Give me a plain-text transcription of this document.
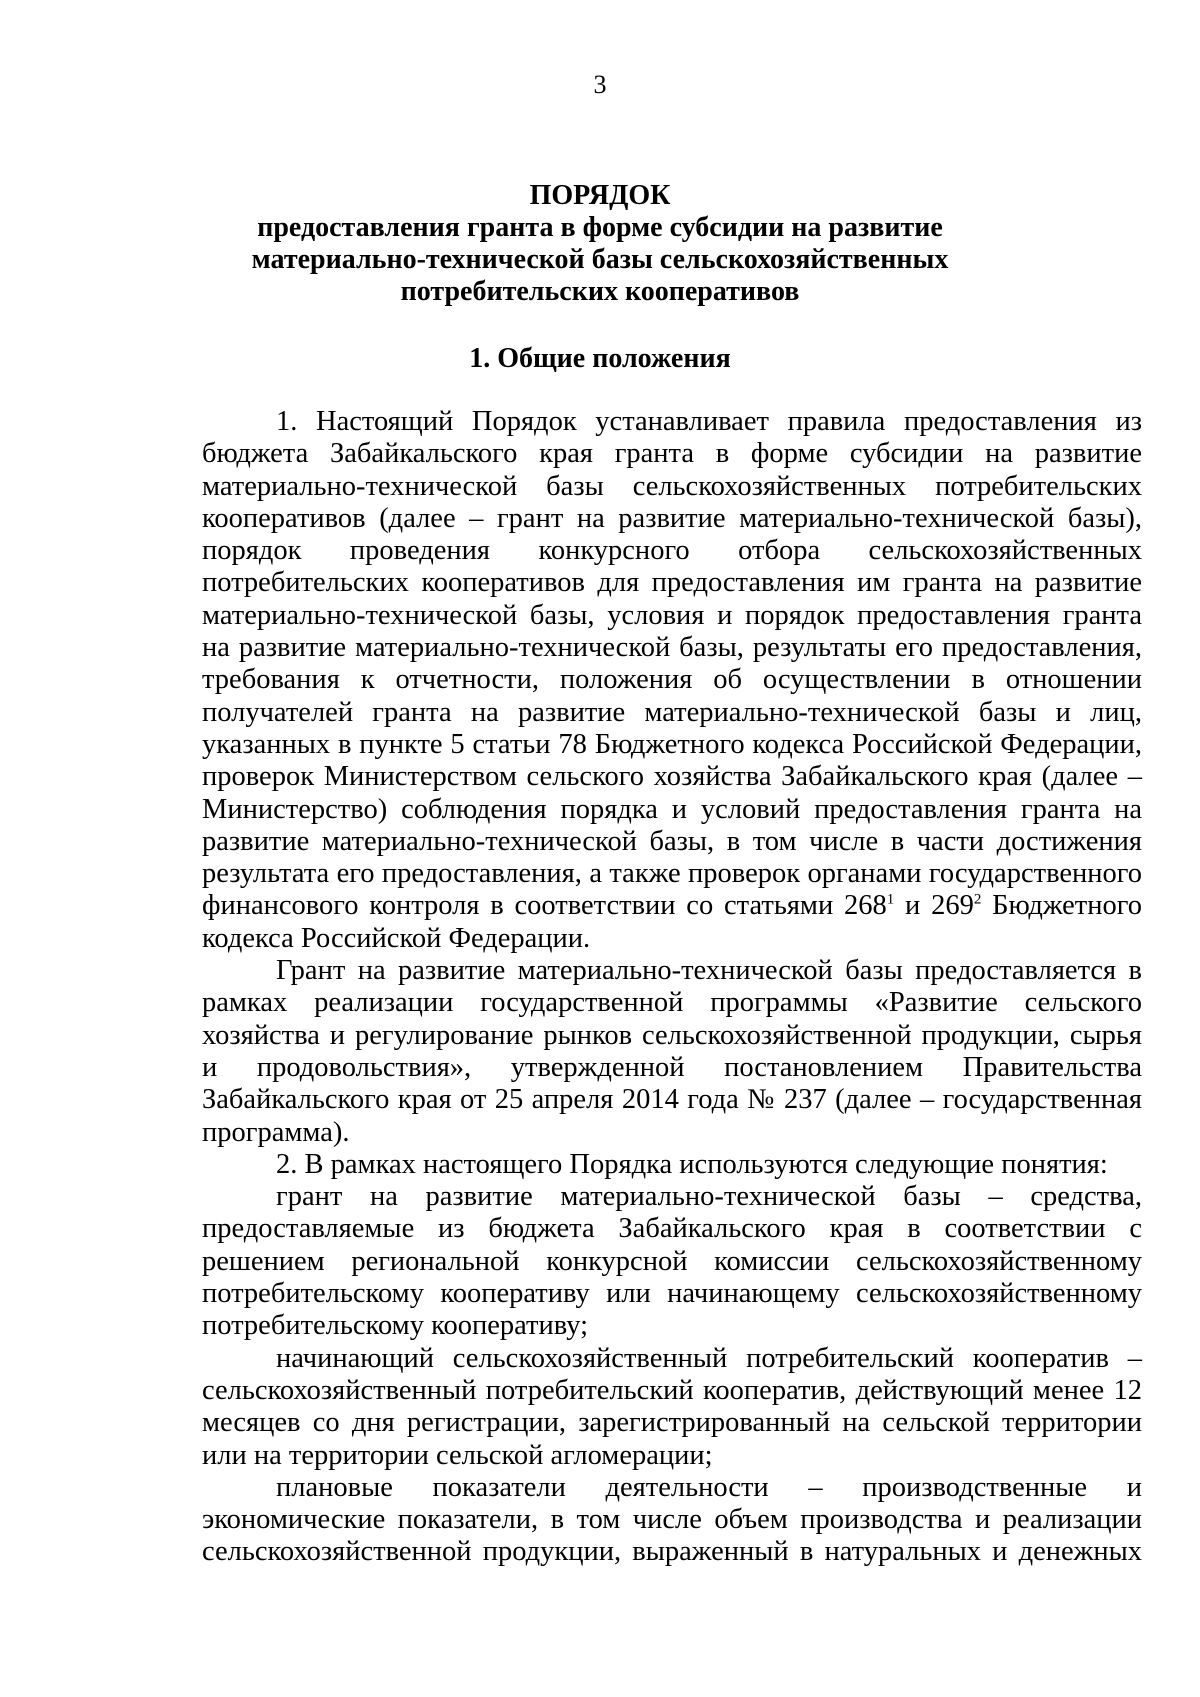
3
ПОРЯДОК
предоставления гранта в форме субсидии на развитие
материально-технической базы сельскохозяйственных
потребительских кооперативов
1. Общие положения

1. Настоящий Порядок устанавливает правила предоставления из бюджета Забайкальского края гранта в форме субсидии на развитие материально-технической базы сельскохозяйственных потребительских кооперативов (далее – грант на развитие материально-технической базы), порядок проведения конкурсного отбора сельскохозяйственных потребительских кооперативов для предоставления им гранта на развитие материально-технической базы, условия и порядок предоставления гранта на развитие материально-технической базы, результаты его предоставления, требования к отчетности, положения об осуществлении в отношении получателей гранта на развитие материально-технической базы и лиц, указанных в пункте 5 статьи 78 Бюджетного кодекса Российской Федерации, проверок Министерством сельского хозяйства Забайкальского края (далее – Министерство) соблюдения порядка и условий предоставления гранта на развитие материально-технической базы, в том числе в части достижения результата его предоставления, а также проверок органами государственного финансового контроля в соответствии со статьями $268^1$ и $269^2$ Бюджетного кодекса Российской Федерации.

Грант на развитие материально-технической базы предоставляется в рамках реализации государственной программы «Развитие сельского хозяйства и регулирование рынков сельскохозяйственной продукции, сырья и продовольствия», утвержденной постановлением Правительства Забайкальского края от 25 апреля 2014 года № 237 (далее – государственная программа).

2. В рамках настоящего Порядка используются следующие понятия:

грант на развитие материально-технической базы – средства, предоставляемые из бюджета Забайкальского края в соответствии с решением региональной конкурсной комиссии сельскохозяйственному потребительскому кооперативу или начинающему сельскохозяйственному потребительскому кооперативу;

начинающий сельскохозяйственный потребительский кооператив – сельскохозяйственный потребительский кооператив, действующий менее 12 месяцев со дня регистрации, зарегистрированный на сельской территории или на территории сельской агломерации;

плановые показатели деятельности – производственные и экономические показатели, в том числе объем производства и реализации сельскохозяйственной продукции, выраженный в натуральных и денежных
